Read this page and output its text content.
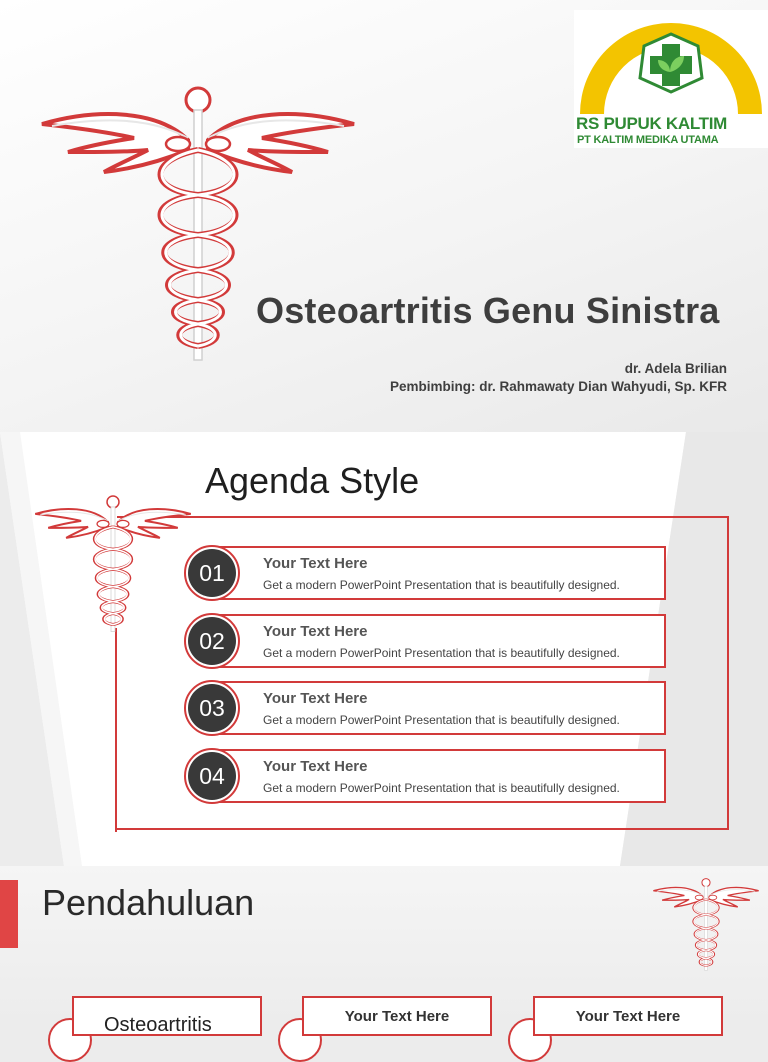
RS PUPUK KALTIM
PT KALTIM MEDIKA UTAMA
Osteoartritis Genu Sinistra
dr. Adela Brilian
Pembimbing: dr. Rahmawaty Dian Wahyudi, Sp. KFR
Agenda Style
01	Your Text Here
Get a modern PowerPoint Presentation that is beautifully designed.
02	Your Text Here
Get a modern PowerPoint Presentation that is beautifully designed.
03	Your Text Here
Get a modern PowerPoint Presentation that is beautifully designed.
04	Your Text Here
Get a modern PowerPoint Presentation that is beautifully designed.
Pendahuluan
Osteoartritis	Your Text Here	Your Text Here
